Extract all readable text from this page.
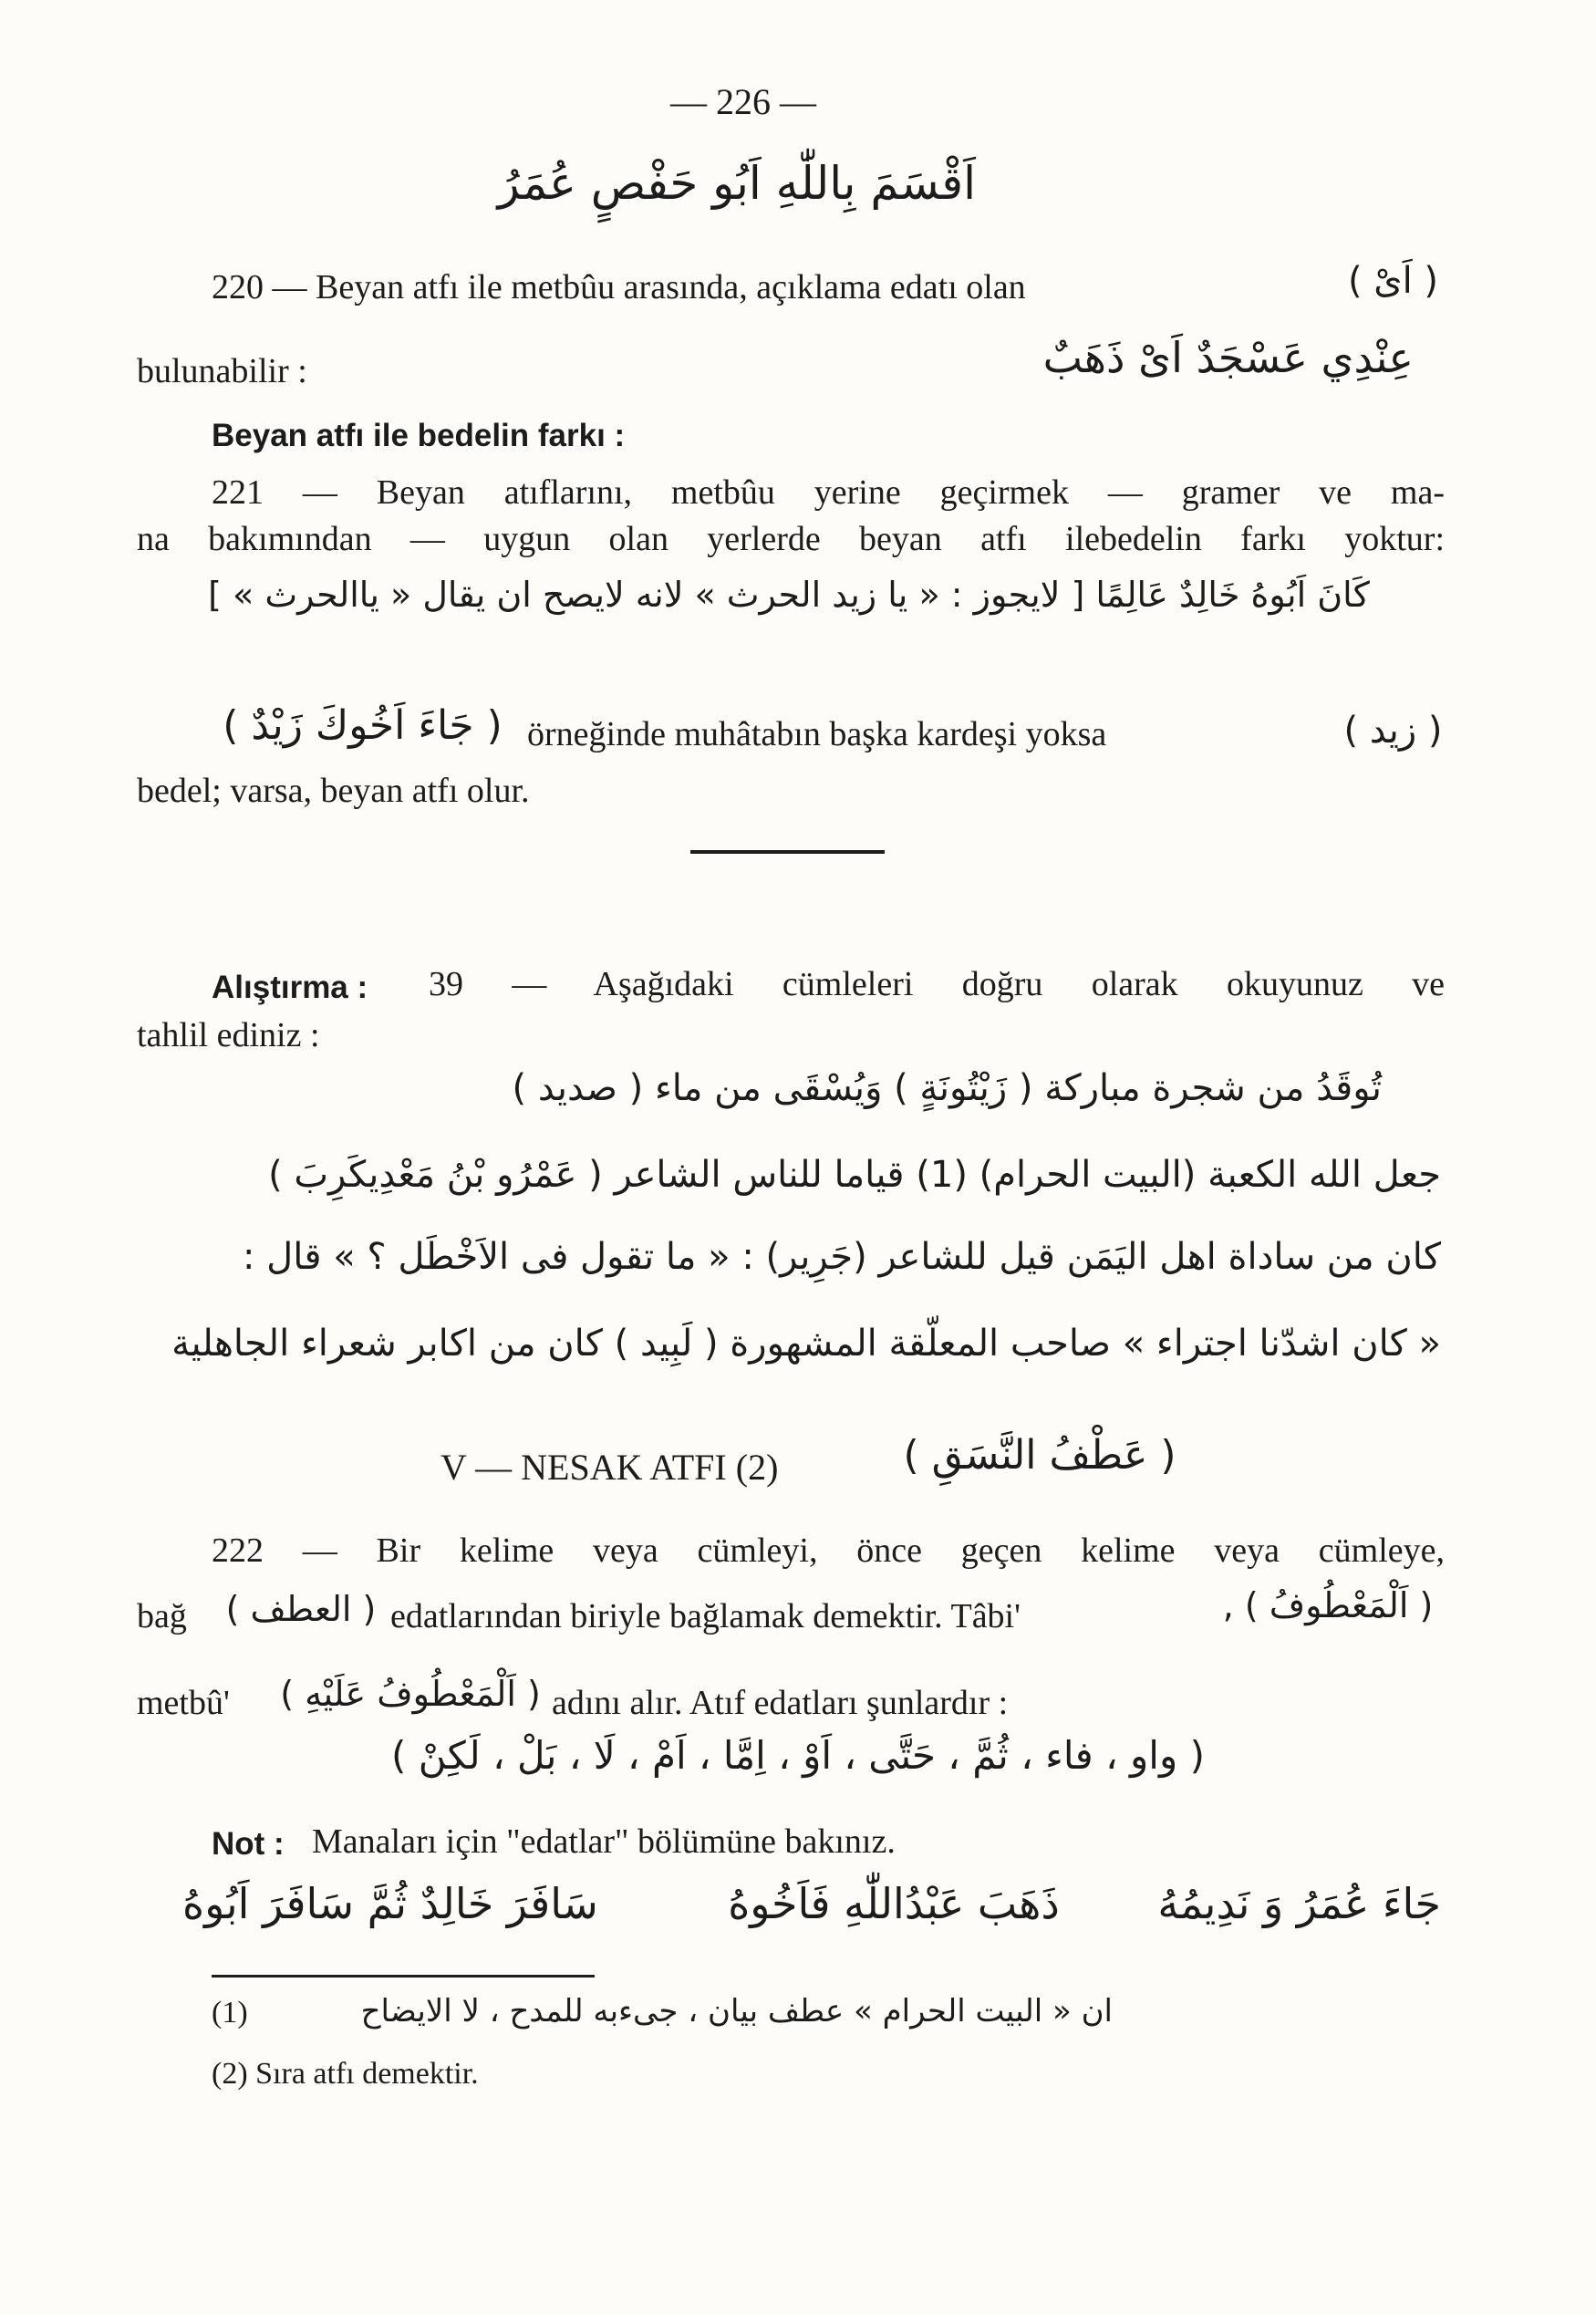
— 226 —
اَقْسَمَ بِاللّٰهِ اَبُو حَفْصٍ عُمَرُ
220 — Beyan atfı ile metbûu arasında, açıklama edatı olan	( اَىْ )
bulunabilir :	عِنْدِي عَسْجَدٌ اَىْ ذَهَبٌ
Beyan atfı ile bedelin farkı :
221 — Beyan atıflarını, metbûu yerine geçirmek — gramer ve ma-
na bakımından — uygun olan yerlerde beyan atfı ilebedelin farkı yoktur:
كَانَ اَبُوهُ خَالِدٌ عَالِمًا [ لايجوز : « يا زيد الحرث » لانه لايصح ان يقال « ياالحرث » ]
( جَاءَ اَخُوكَ زَيْدٌ ) örneğinde muhâtabın başka kardeşi yoksa	( زيد )
bedel; varsa, beyan atfı olur.
Alıştırma : 39 — Aşağıdaki cümleleri doğru olarak okuyunuz ve
tahlil ediniz :
تُوقَدُ من شجرة مباركة ( زَيْتُونَةٍ ) وَيُسْقَى من ماء ( صديد )
جعل الله الكعبة (البيت الحرام) (1) قياما للناس الشاعر ( عَمْرُو بْنُ مَعْدِيكَرِبَ )
كان من ساداة اهل اليَمَن قيل للشاعر (جَرِير) : « ما تقول فى الاَخْطَل ؟ » قال :
« كان اشدّنا اجتراء » صاحب المعلّقة المشهورة ( لَبِيد ) كان من اكابر شعراء الجاهلية
V — NESAK ATFI (2)	( عَطْفُ النَّسَقِ )
222 — Bir kelime veya cümleyi, önce geçen kelime veya cümleye,
bağ ( العطف ) edatlarından biriyle bağlamak demektir. Tâbi'	( اَلْمَعْطُوفُ ) ,
metbû' ( اَلْمَعْطُوفُ عَلَيْهِ ) adını alır. Atıf edatları şunlardır :
( واو ، فاء ، ثُمَّ ، حَتَّى ، اَوْ ، اِمَّا ، اَمْ ، لَا ، بَلْ ، لَكِنْ )
Not : Manaları için "edatlar" bölümüne bakınız.
جَاءَ عُمَرُ وَ نَدِيمُهُ
ذَهَبَ عَبْدُاللّٰهِ فَاَخُوهُ
سَافَرَ خَالِدٌ ثُمَّ سَافَرَ اَبُوهُ
(1)	ان « البيت الحرام » عطف بيان ، جىءبه للمدح ، لا الايضاح
(2) Sıra atfı demektir.
